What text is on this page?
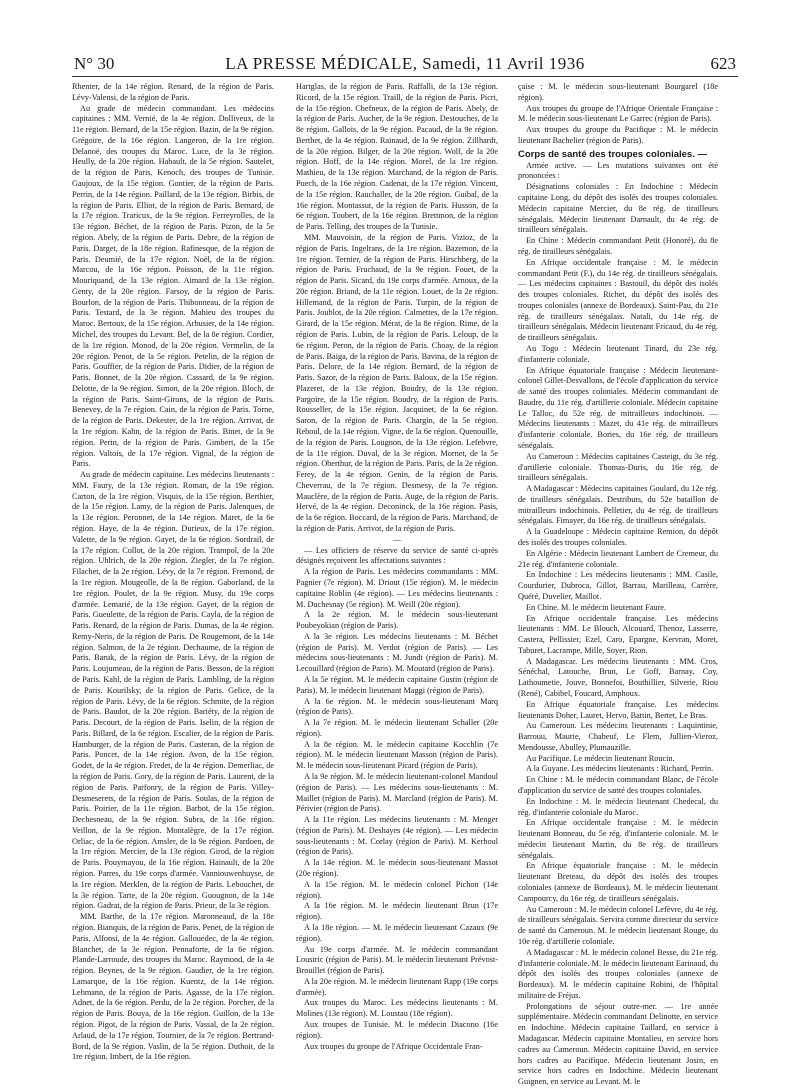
N° 30	LA PRESSE MÉDICALE, Samedi, 11 Avril 1936	623

Rhenter, de la 14e région. Renard, de la région de Paris. Lévy-Valensi, de la région de Paris.

Au grade de médecin commandant. Les médecins capitaines : MM. Vernié, de la 4e région. Dolliveux, de la 11e région. Bernard, de la 15e région. Bazin, de la 9e région. Grégoire, de la 16e région. Langeron, de la 1re région. Delanoë, des troupes du Maroc. Luce, de la 3e région. Heully, de la 20e région. Habault, de la 5e région. Sautelet, de la région de Paris. Kenoch, des troupes de Tunisie. Gaujoux, de la 15e région. Gontier, de la région de Paris. Perrin, de la 14e région. Paillard, de la 13e région. Birbis, de la région de Paris. Elliot, de la région de Paris. Bernard, de la 17e région. Traricux, de la 9e région. Ferreyrolles, de la 13e région. Béchet, de la région de Paris. Pizon, de la 5e région. Abely, de la région de Paris. Debre, de la région de Paris. Darget, de la 18e région. Rafinesque, de la région de Paris. Deumié, de la 17e région. Noël, de la 8e région. Marcou, de la 16e région. Poisson, de la 11e région. Mouriquand, de la 13e région. Aimard de la 13e région. Genty, de la 20e région. Farsoy, de la région de Paris. Bourlon, de la région de Paris. Thibonneau, de la région de Paris. Testard, de la 3e région. Mahieu des troupes du Maroc. Bertoux, de la 15e région. Arbusier, de la 14e région. Michel, des troupes du Levant. Bel, de la 8e région. Cordier, de la 1re région. Monod, de la 20e région. Vermelin, de la 20e région. Penot, de la 5e région. Petelin, de la région de Paris. Gouffier, de la région de Paris. Didier, de la région de Paris. Bonnet, de la 20e région. Cassard, de la 9e région. Delotte, de la 9e région. Simon, de la 20e région. Bloch, de la région de Paris. Saint-Girons, de la région de Paris. Benevey, de la 7e région. Cain, de la région de Paris. Torne, de la région de Paris. Dekester, de la 1re région. Arrivat, de la 1re région. Kahn, de la région de Paris. Binet, de la 9e région. Perin, de la région de Paris. Gimbert, de la 15e région. Valtois, de la 17e région. Vignal, de la région de Paris.

Au grade de médecin capitaine. Les médecins lieutenants : MM. Faury, de la 13e région. Roman, de la 19e région. Carton, de la 1re région. Visquis, de la 15e région. Berthier, de la 15e région. Lamy, de la région de Paris. Jalenques, de la 13e région. Peronnet, de la 14e région. Maret, de la 6e région. Haye, de la 4e région. Durieux, de la 17e région. Valette, de la 9e région. Gayet, de la 6e région. Sordrail, de la 17e région. Collot, de la 20e région. Trampol, de la 20e région. Uhlrich, de la 20e région. Ziegler, de la 7e région. Filachet, de la 2e région. Lévy, de la 7e région. Fremond, de la 1re région. Mougeolle, de la 8e région. Gaborland, de la 1re région. Poulet, de la 9e région. Musy, du 19e corps d'armée. Lemarié, de la 13e région. Gayet, de la région de Paris. Gueulette, de la région de Paris. Cayla, de la région de Paris. Renard, de la région de Paris. Dumas, de la 4e région. Remy-Neris, de la région de Paris. De Rougemont, de la 14e région. Salmon, de la 2e région. Dechaume, de la région de Paris. Baruk, de la région de Paris. Lévy, de la région de Paris. Loujumeau, de la région de Paris. Besson, de la région de Paris. Kahl, de la région de Paris. Lambling, de la région de Paris. Kourilsky, de la région de Paris. Gelice, de la région de Paris. Lévy, de la 6e région. Schmite, de la région de Paris. Baudot, de la 20e région. Bariéty, de la région de Paris. Decourt, de la région de Paris. Iselin, de la région de Paris. Billard, de la 6e région. Escalier, de la région de Paris. Hamburger, de la région de Paris. Casteran, de la région de Paris. Poncet, de la 14e région. Avon, de la 15e région. Godet, de la 4e région. Fredet, de la 4e région. Demerliac, de la région de Paris. Gory, de la région de Paris. Laurent, de la région de Paris. Parfonry, de la région de Paris. Villey-Desmeserets, de la région de Paris. Soulas, de la région de Paris. Poirier, de la 11e région. Barbot, de la 15e région. Dechesneau, de la 9e région. Subra, de la 16e région. Veillon, de la 9e région. Montalègre, de la 17e région. Orliac, de la 6e région. Amsler, de la 9e région. Pardoen, de la 1re région. Mercier, de la 13e région. Girod, de la région de Paris. Pouymayou, de la 16e région. Hainault, de la 20e région. Parres, du 19e corps d'armée. Vanniouwenhuyse, de la 1re région. Merklen, de la région de Paris. Lebouchet, de la 3e région. Tarte, de la 20e région. Guougnon, de la 14e région. Gadrat, de la région de Paris. Prieur, de la 3e région.

MM. Barthe, de la 17e région. Maronneaud, de la 18e région. Bianquis, de la région de Paris. Penet, de la région de Paris. Alfonsi, de la 4e région. Gallouedec, de la 4e région. Blanchet, de la 3e région. Pennaforte, de la 6e région. Plande-Larroude, des troupes du Maroc. Raymond, de la 4e région. Beynes, de la 9e région. Gaudier, de la 1re région. Lamarque, de la 16e région. Kuentz, de la 14e région. Lehmann, de la région de Paris. Agasse, de la 17e région. Adnet, de la 6e région. Perdu, de la 2e région. Porcher, de la région de Paris. Bouya, de la 16e région. Guillon, de la 13e région. Pigot, de la région de Paris. Vassal, de la 2e région. Arlaud, de la 17e région. Tournier, de la 7e région. Bertrand-Bord, de la 9e région. Vaslin, de la 5e région. Duthoit, de la 1re région. Imbert, de la 16e région.

Hartglas, de la région de Paris. Raffalli, de la 13e région. Ricord, de la 15e région. Traill, de la région de Paris. Picri, de la 15e région. Chefneux, de la région de Paris. Abely, de la région de Paris. Aucher, de la 9e région. Destouches, de la 8e région. Gallois, de la 9e région. Pacaud, de la 9e région. Berthet, de la 4e région. Rainaud, de la 9e région. Zillhardt, de la 20e région. Bilger, de la 20e région. Wolf, de la 20e région. Hoff, de la 14e région. Morel, de la 1re région. Mathieu, de la 13e région. Marchand, de la région de Paris. Puech, de la 16e région. Cadenat, de la 17e région. Vincent, de la 15e région. Rauchaller, de la 20e région. Guibal, de la 16e région. Montassut, de la région de Paris. Husson, de la 6e région. Toubert, de la 16e région. Brettmon, de la région de Paris. Telling, des troupes de la Tunisie.

MM. Mauvoisin, de la région de Paris. Vizioz, de la région de Paris. Ingelrans, de la 1re région. Bazemon, de la 1re région. Ternier, de la région de Paris. Hirschberg, de la région de Paris. Fruchaud, de la 9e région. Fouet, de la région de Paris. Sicard, du 19e corps d'armée. Arnoux, de la 20e région. Briand, de la 11e région. Louet, de la 2e région. Hillemand, de la région de Paris. Turpin, de la région de Paris. Joublot, de la 20e région. Calmettes, de la 17e région. Girard, de la 15e région. Mérat, de la 8e région. Rime, de la région de Paris. Lubin, de la région de Paris. Leloup, de la 6e région. Peron, de la région de Paris. Choay, de la région de Paris. Baiga, de la région de Paris. Bavina, de la région de Paris. Delore, de la 14e région. Bernard, de la région de Paris. Sazor, de la région de Paris. Baloux, de la 15e région. Plazeret, de la 13e région. Boudry, de la 13e région. Pargoire, de la 15e région. Boudry, de la région de Paris. Rousseller, de la 15e région. Jacquinet, de la 6e région. Saron, de la région de Paris. Chargin, de la 5e région. Reboul, de la 14e région. Vigne, de la 6e région. Quenouille, de la région de Paris. Lougnon, de la 13e région. Lefebvre, de la 11e région. Duval, de la 3e région. Mornet, de la 5e région. Oberthur, de la région de Paris. Paris, de la 2e région. Ferey, de la 4e région. Genin, de la région de Paris. Cheverrau, de la 7e région. Desmesy, de la 7e région. Mauclère, de la région de Paris. Auge, de la région de Paris. Hervé, de la 4e région. Deconinck, de la 16e région. Pasis, de la 6e région. Boccard, de la région de Paris. Marchand, de la région de Paris. Arrivot, de la région de Paris.

—

— Les officiers de réserve du service de santé ci-après désignés reçoivent les affectations suivantes :

A la région de Paris. Les médecins commandants : MM. Pagnier (7e région). M. Driout (15e région). M. le médecin capitaine Roblin (4e région). — Les médecins lieutenants : M. Duchesnay (5e région). M. Weill (20e région).

A la 2e région. M. le médecin sous-lieutenant Poubeyokian (région de Paris).

A la 3e région. Les médecins lieutenants : M. Béchet (région de Paris). M. Verdot (région de Paris). — Les médecins sous-lieutenants : M. Jundt (région de Paris). M. Lecouillard (région de Paris). M. Moutard (région de Paris).

A la 5e région. M. le médecin capitaine Gustin (région de Paris). M. le médecin lieutenant Maggi (région de Paris).

A la 6e région. M. le médecin sous-lieutenant Marq (région de Paris).

A la 7e région. M. le médecin lieutenant Schaller (20e région).

A la 8e région. M. le médecin capitaine Kocchlin (7e région). M. le médecin lieutenant Masson (région de Paris). M. le médecin sous-lieutenant Picard (région de Paris).

A la 9e région. M. le médecin lieutenant-colonel Mandoul (région de Paris). — Les médecins sous-lieutenants : M. Maillet (région de Paris). M. Marcland (région de Paris). M. Périvier (région de Paris).

A la 11e région. Les médecins lieutenants : M. Menger (région de Paris). M. Deshayes (4e région). — Les médecin sous-lieutenants : M. Corlay (région de Paris). M. Kerhoul (région de Paris).

A la 14e région. M. le médecin sous-lieutenant Massot (20e région).

A la 15e région. M. le médecin colonel Pichon (14e région).

A la 16e région. M. le médecin lieutenant Brun (17e région).

A la 18e région. — M. le médecin lieutenant Cazaux (9e région).

Au 19e corps d'armée. M. le médecin commandant Loustric (région de Paris). M. le médecin lieutenant Prévost-Brouillet (région de Paris).

A la 20e région. M. le médecin lieutenant Rapp (19e corps d'armée).

Aux troupes du Maroc. Les médecins lieutenants : M. Molines (13e région). M. Loustau (18e région).

Aux troupes de Tunisie. M. le médecin Diacono (16e région).

Aux troupes du groupe de l'Afrique Occidentale Fran-

çaise : M. le médecin sous-lieutenant Bourgarel (18e région).

Aux troupes du groupe de l'Afrique Orientale Française : M. le médecin sous-lieutenant Le Garrec (région de Paris).

Aux troupes du groupe du Pacifique : M. le médecin lieutenant Bachelier (région de Paris).

Corps de santé des troupes coloniales. —

Armée active. — Les mutations suivantes ont été prononcées :

Désignations coloniales : En Indochine : Médecin capitaine Long, du dépôt des isolés des troupes coloniales. Médecin capitaine Mercier, du 8e rég. de tirailleurs sénégalais. Médecin lieutenant Darnault, du 4e rég. de tirailleurs sénégalais.

En Chine : Médecin commandant Petit (Honoré), du 8e rég. de tirailleurs sénégalais.

En Afrique occidentale française : M. le médecin commandant Petit (F.), du 14e rég. de tirailleurs sénégalais. — Les médecins capitaines : Bastouil, du dépôt des isolés des troupes coloniales. Richet, du dépôt des isolés des troupes coloniales (annexe de Bordeaux). Saint-Pau, du 21e rég. de tirailleurs sénégalais. Natali, du 14e rég. de tirailleurs sénégalais. Médecin lieutenant Fricaud, du 4e rég. de tirailleurs sénégalais.

Au Togo : Médecin lieutenant Tinard, du 23e rég. d'infanterie coloniale.

En Afrique équatoriale française : Médecin lieutenant-colonel Gillet-Desvallons, de l'école d'application du service de santé des troupes coloniales. Médecin commandant de Baudre, du 11e rég. d'artillerie coloniale. Médecin capitaine Le Talloc, du 52e rég. de mitrailleurs indochinois. — Médecins lieutenants : Mazet, du 41e rég. de mitrailleurs d'infanterie coloniale. Bories, du 16e rég. de tirailleurs sénégalais.

Au Cameroun : Médecins capitaines Casteigt, du 3e rég. d'artillerie coloniale. Thomas-Duris, du 16e rég. de tirailleurs sénégalais.

A Madagascar : Médecins capitaines Goulard, du 12e rég. de tirailleurs sénégalais. Destributs, du 52e bataillon de mitrailleurs indochinois. Pelletier, du 4e rég. de tirailleurs sénégalais. Fimayer, du 16e rég. de tirailleurs sénégalais.

A la Guadeloupe : Médecin capitaine Remion, du dépôt des isolés des troupes coloniales.

En Algérie : Médecin lieutenant Lambert de Cremeur, du 21e rég. d'infanterie coloniale.

En Indochine : Les médecins lieutenants : MM. Casile, Courdurier, Dubroca, Gillot, Barrau, Marilleau, Carrère, Quéré, Duvelier, Maillot.

En Chine. M. le médecin lieutenant Faure.

En Afrique occidentale française. Les médecins lieutenants : MM. Le Blouch, Alcouard, Thenoz, Lasserre, Castera, Pellissier, Ezel, Caro, Epargne, Kervran, Moret, Taburet, Lacrampe, Mille, Soyer, Rion.

A Madagascar. Les médecins lieutenants : MM. Cros, Sénéchal, Latouche, Brun, Le Goff, Barnay, Coy, Lathoumetie, Jouve, Bonnefoi, Bouthillier, Silverie, Riou (René), Cabibel, Foucard, Amphoux.

En Afrique équatoriale française. Les médecins lieutenants Doher, Lauret, Hervo, Battin, Bertet, Le Bras.

Au Cameroun. Les médecins lieutenants : Laquintinie, Barrouu, Maurie, Chabeuf, Le Flem, Jullien-Vieroz, Mendousse, Abulley, Plumauzille.

Au Pacifique. Le médecin lieutenant Roucin.

A la Guyane. Les médecins lieutenants : Richard, Perrin.

En Chine : M. le médecin commandant Blanc, de l'école d'application du service de santé des troupes coloniales.

En Indochine : M. le médecin lieutenant Chedecal, du rég. d'infanterie coloniale du Maroc.

En Afrique occidentale française : M. le médecin lieutenant Bonneau, du 5e rég. d'infanterie coloniale. M. le médecin lieutenant Martin, du 8e rég. de tirailleurs sénégalais.

En Afrique équatoriale française : M. le médecin lieutenant Breteau, du dépôt des isolés des troupes coloniales (annexe de Bordeaux). M. le médecin lieutenant Campourcy, du 16e rég. de tirailleurs sénégalais.

Au Cameroun : M. le médecin colonel Lefèvre, du 4e rég. de tirailleurs sénégalais. Servira comme directeur du service de santé du Cameroun. M. le médecin lieutenant Rouge, du 10e rég. d'artillerie coloniale.

A Madagascar : M. le médecin colonel Besse, du 21e rég. d'infanterie coloniale. M. le médecin lieutenant Earinaud, du dépôt des isolés des troupes coloniales (annexe de Bordeaux). M. le médecin capitaine Robini, de l'hôpital militaire de Fréjus.

Prolongations de séjour outre-mer. — 1re année supplémentaire. Médecin commandant Delinotte, en service en Indochine. Médecin capitaine Taillard, en service à Madagascar. Médecin capitaine Montalieu, en service hors cadres au Cameroun. Médecin capitaine David, en service hors cadres au Pacifique. Médecin lieutenant Josin, en service hors cadres en Indochine. Médecin lieutenant Guignen, en service au Levant. M. le
